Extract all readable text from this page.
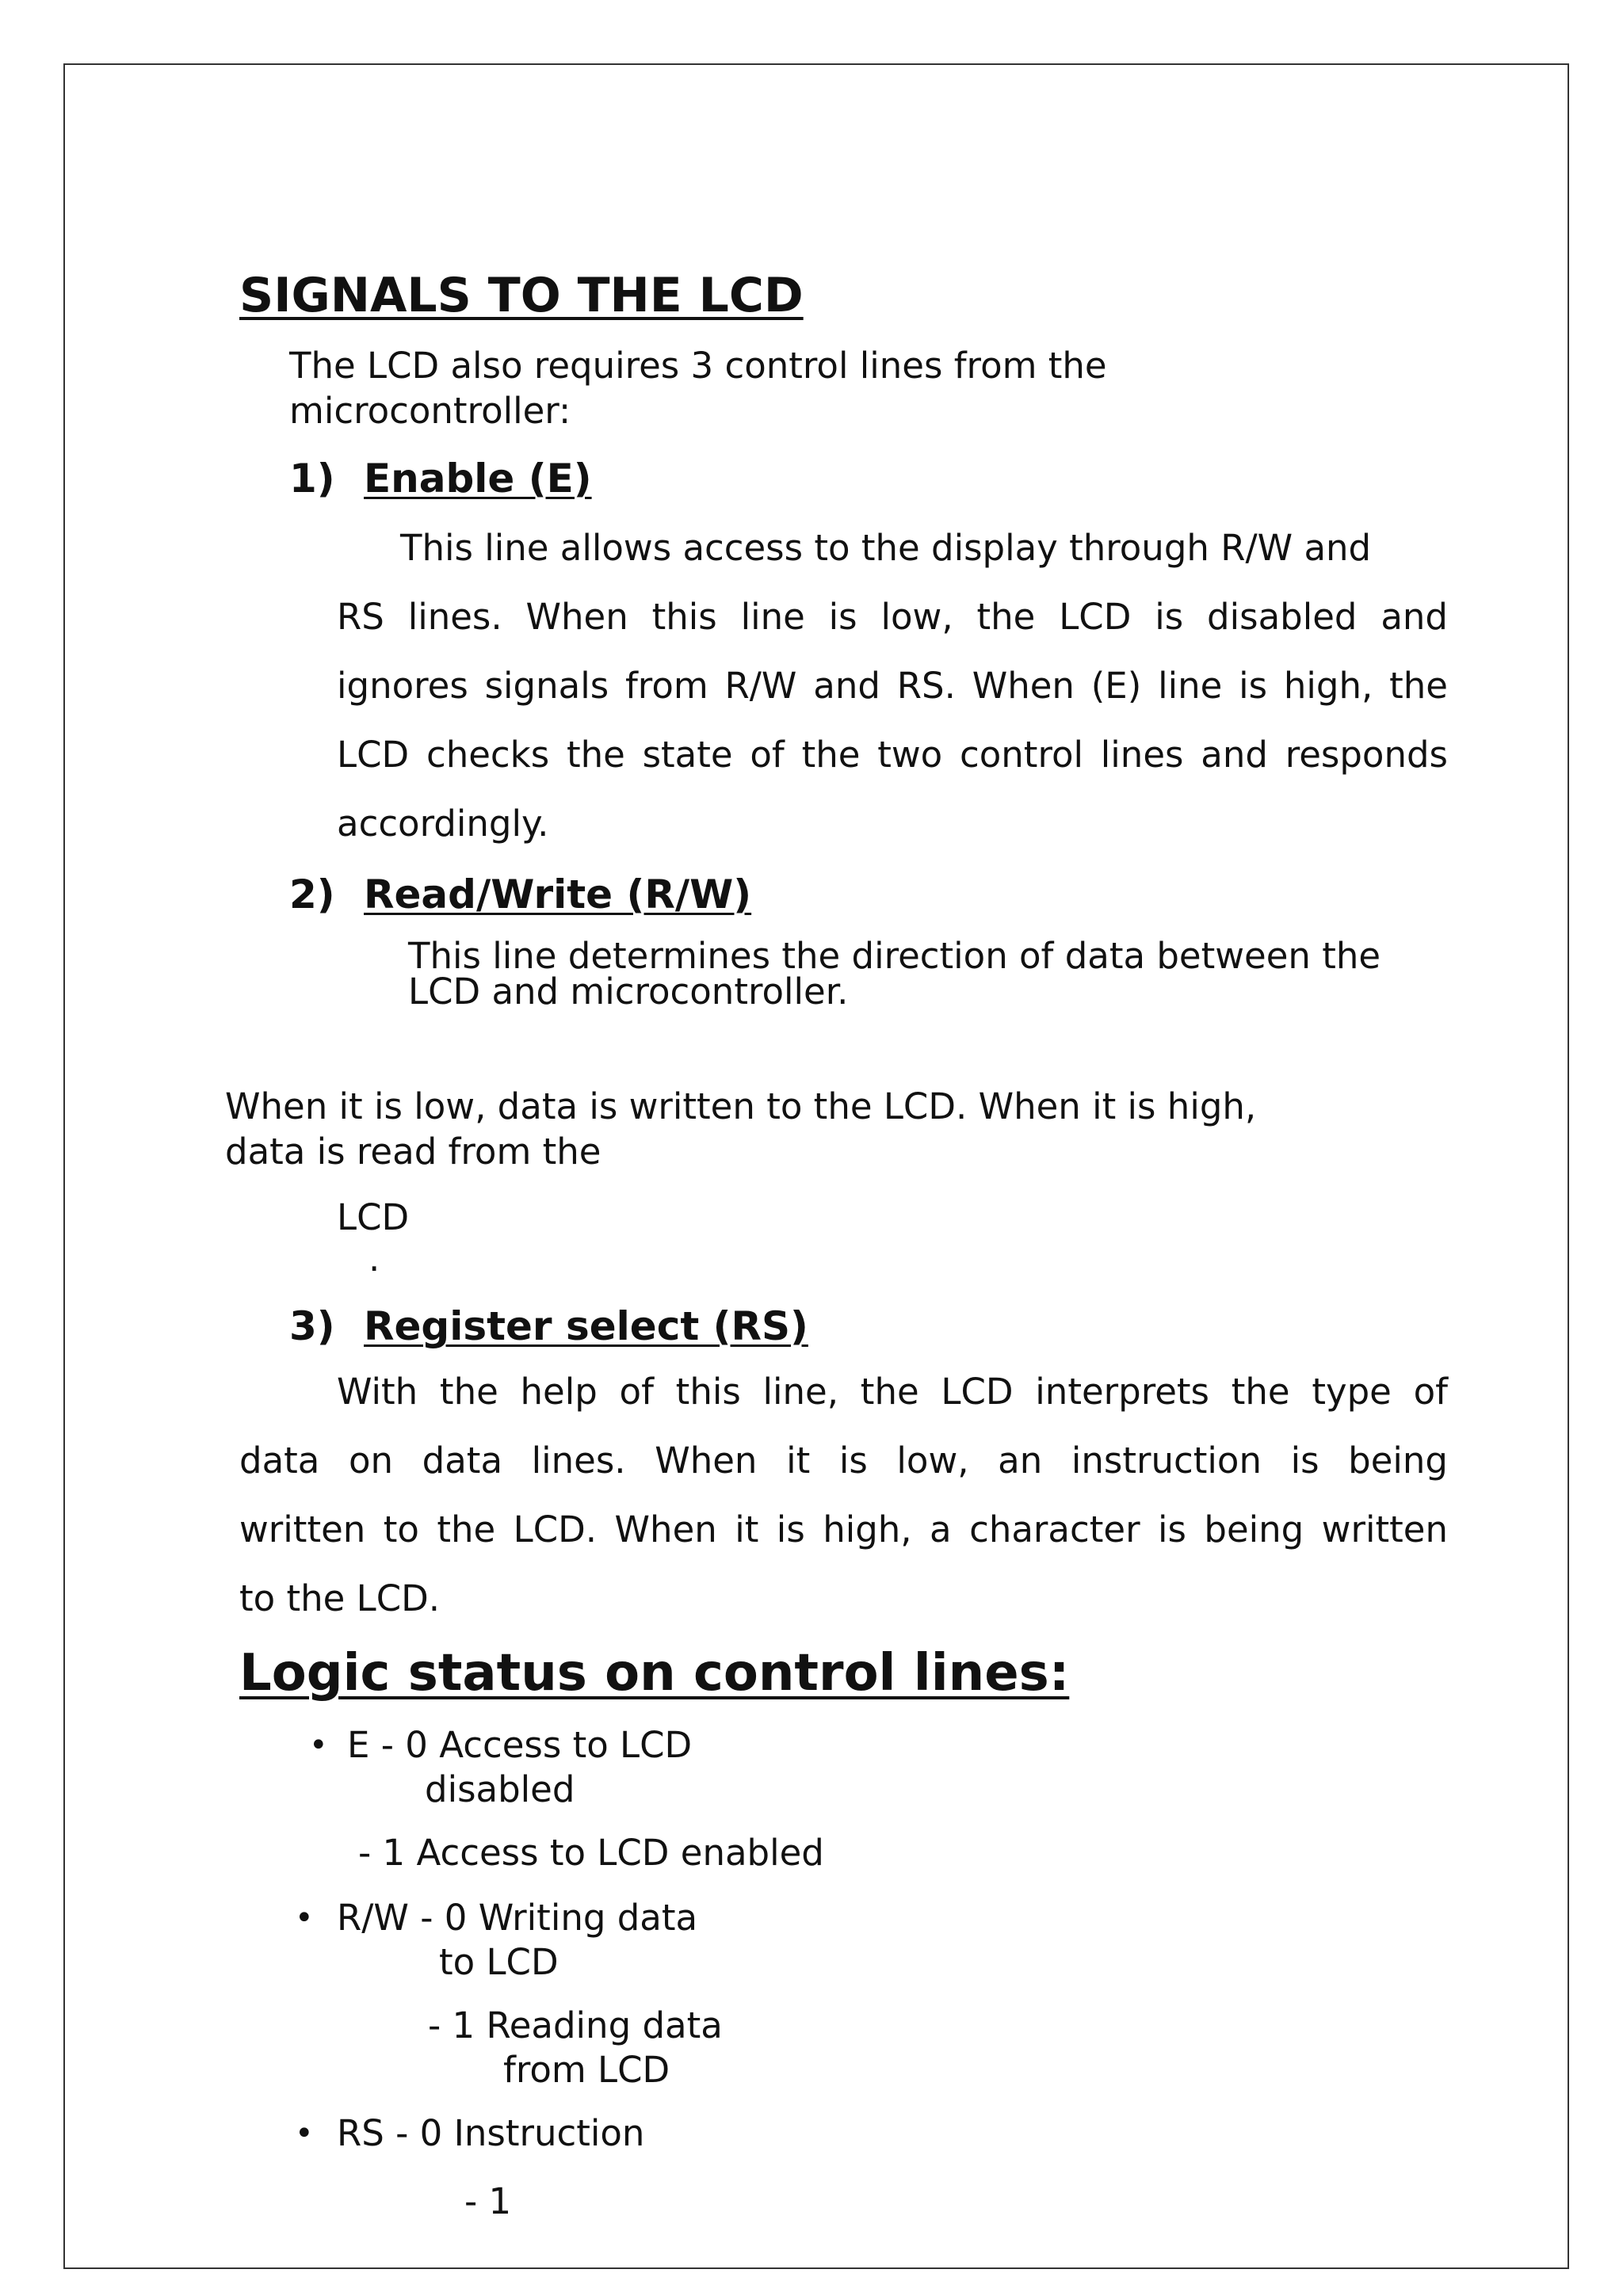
SIGNALS TO THE LCD
The LCD also requires 3 control lines from the
microcontroller:
1) Enable (E)
This line allows access to the display through R/W and
RS lines. When this line is low, the LCD is disabled and
ignores signals from R/W and RS. When (E) line is high, the
LCD checks the state of the two control lines and responds
accordingly.
2) Read/Write (R/W)
This line determines the direction of data between the
LCD and microcontroller.
When it is low, data is written to the LCD. When it is high,
data is read from the
LCD
.
3) Register select (RS)
With the help of this line, the LCD interprets the type of
data on data lines. When it is low, an instruction is being
written to the LCD. When it is high, a character is being written
to the LCD.
Logic status on control lines:
• E - 0 Access to LCD
disabled
- 1 Access to LCD enabled
• R/W - 0 Writing data
to LCD
- 1 Reading data
from LCD
• RS - 0 Instruction
- 1
